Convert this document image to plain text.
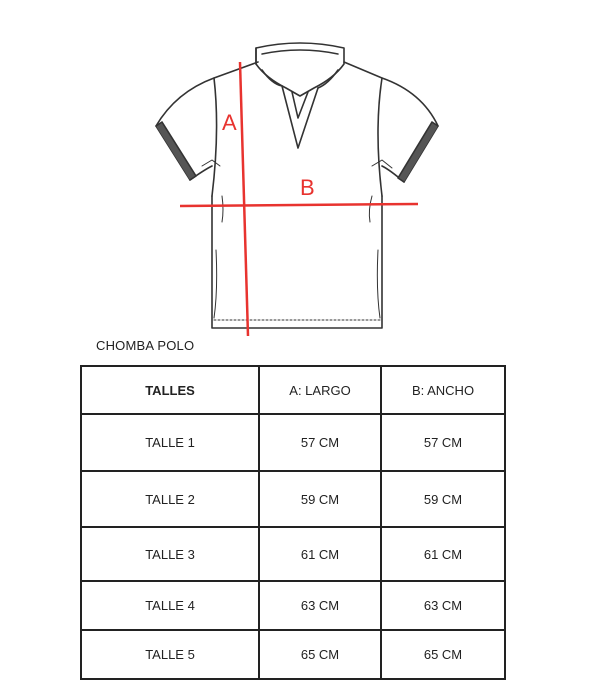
A
B
CHOMBA POLO
TALLES	A: LARGO	B: ANCHO
TALLE 1	57 CM	57 CM
TALLE 2	59 CM	59 CM
TALLE 3	61 CM	61 CM
TALLE 4	63 CM	63 CM
TALLE 5	65 CM	65 CM
